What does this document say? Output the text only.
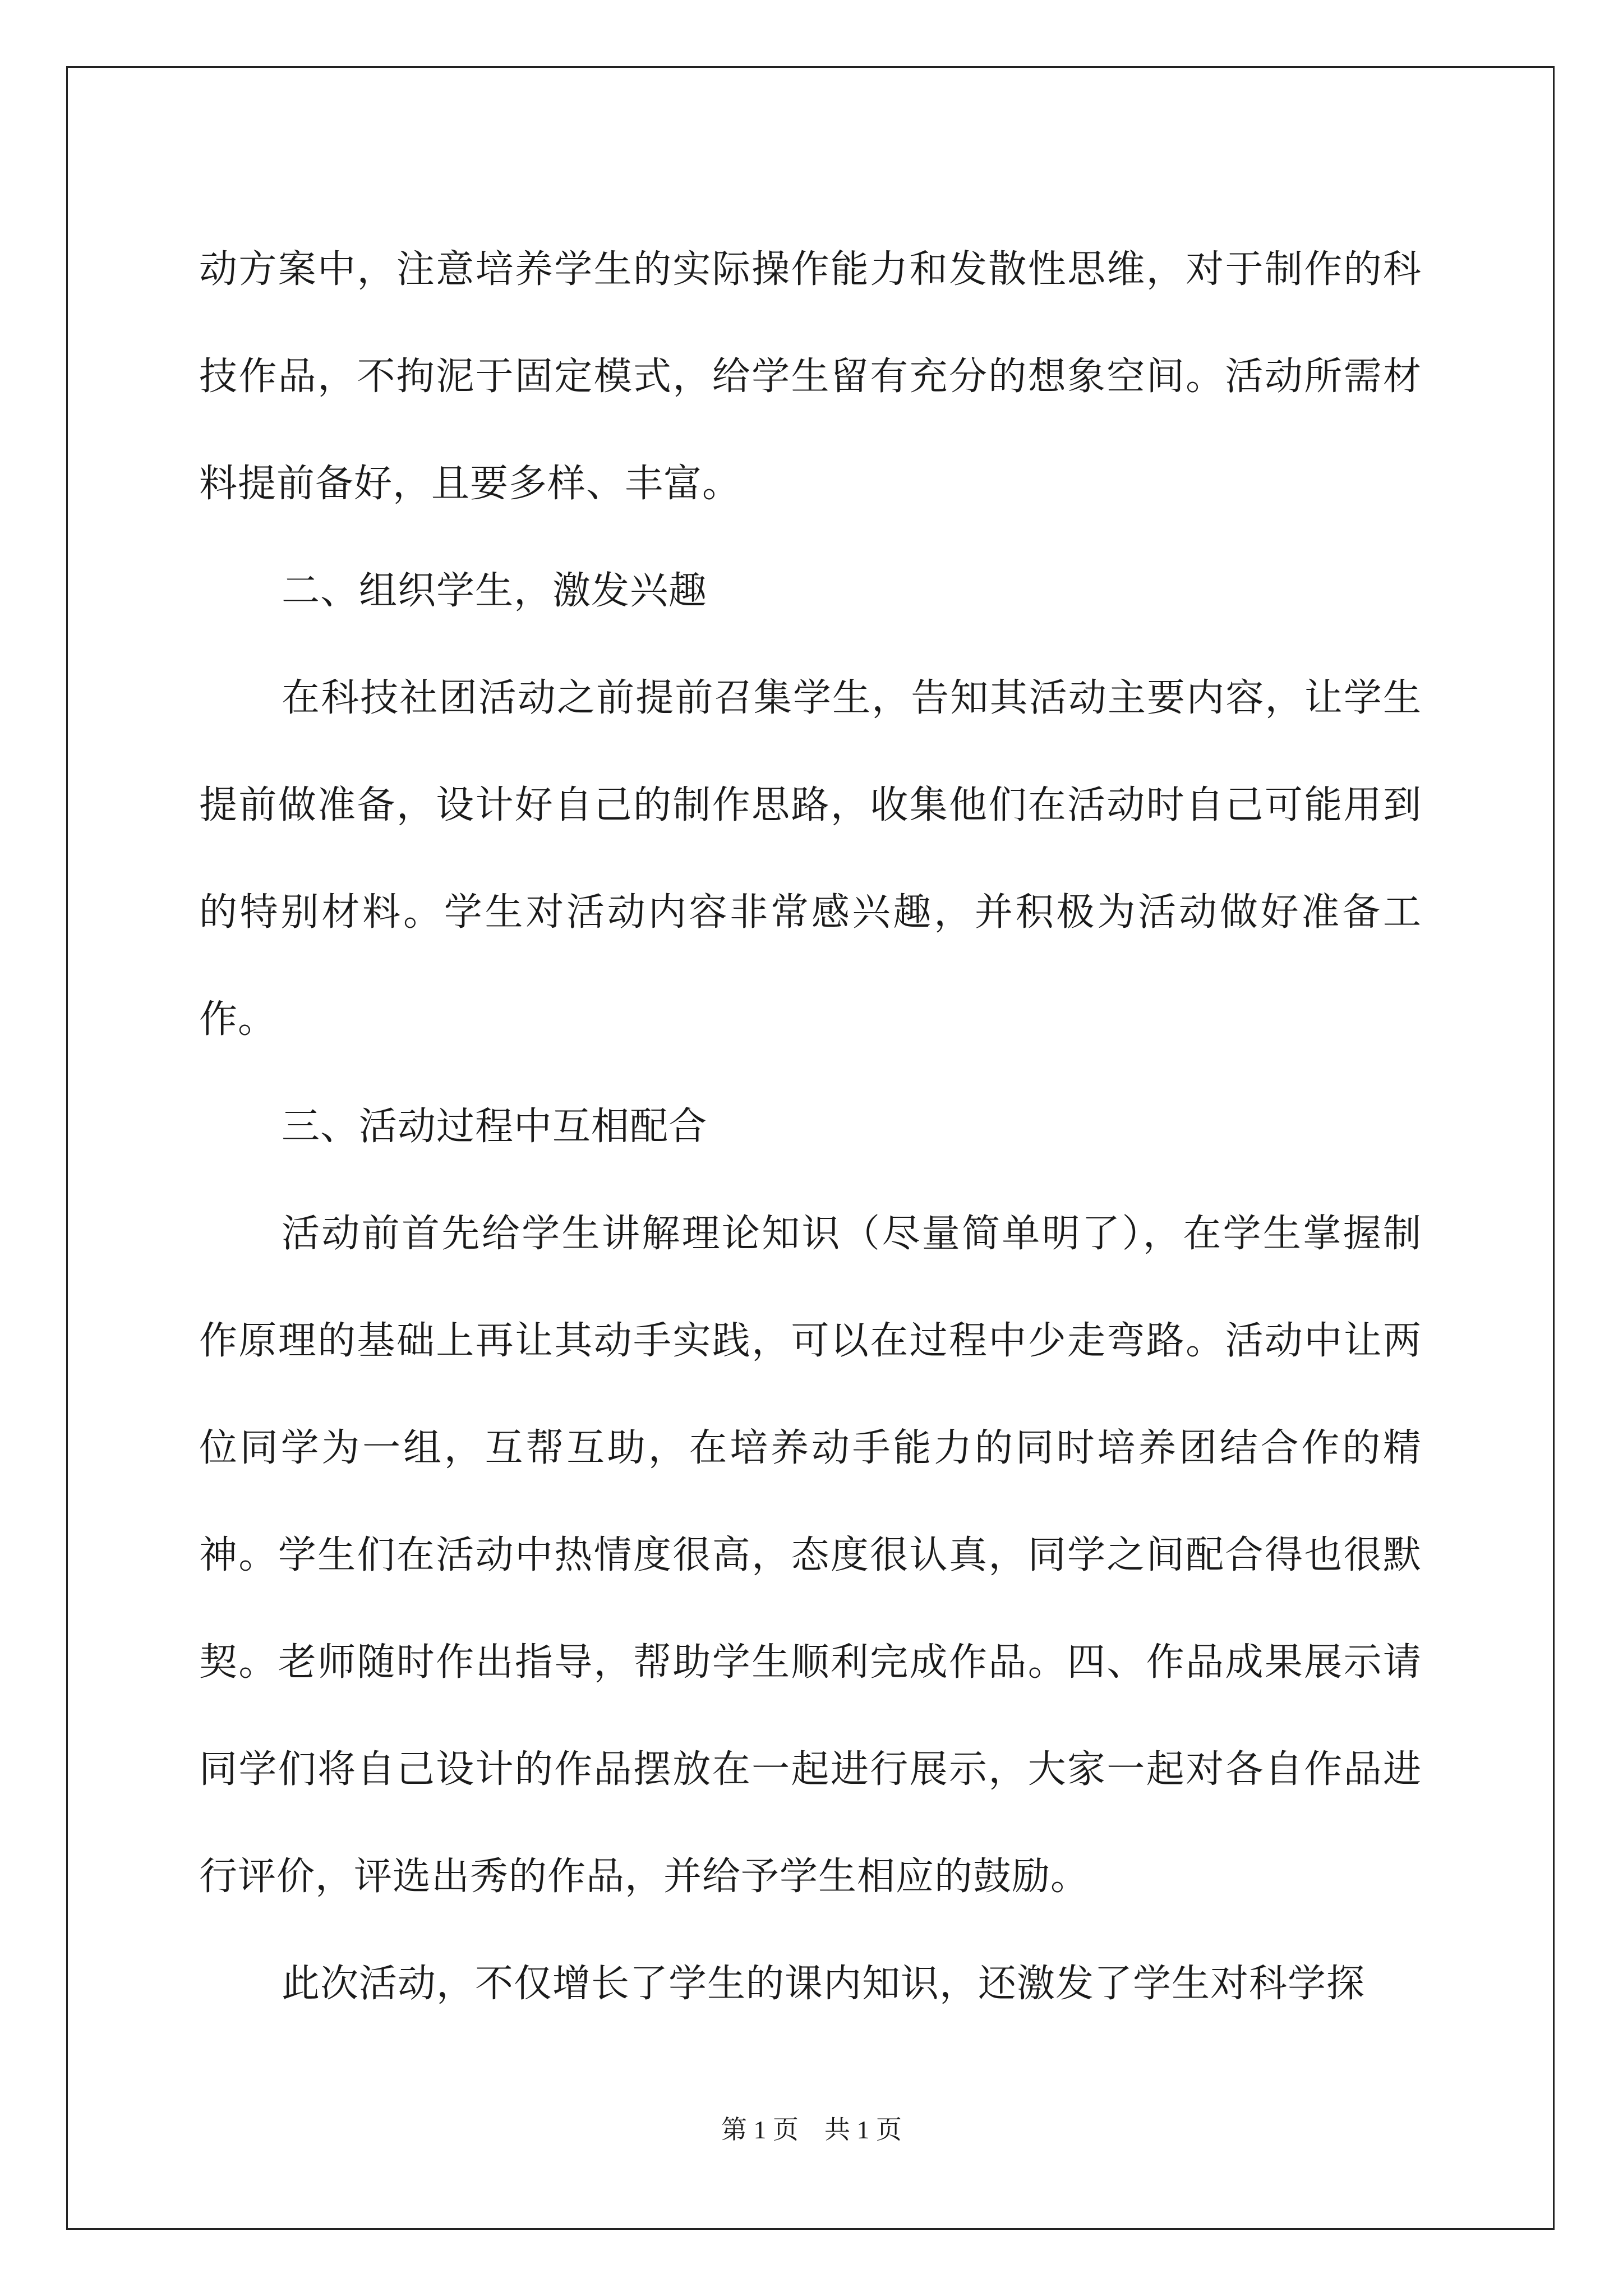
动方案中，注意培养学生的实际操作能力和发散性思维，对于制作的科技作品，不拘泥于固定模式，给学生留有充分的想象空间。活动所需材料提前备好，且要多样、丰富。

二、组织学生，激发兴趣

在科技社团活动之前提前召集学生，告知其活动主要内容，让学生提前做准备，设计好自己的制作思路，收集他们在活动时自己可能用到的特别材料。学生对活动内容非常感兴趣，并积极为活动做好准备工作。

三、活动过程中互相配合

活动前首先给学生讲解理论知识（尽量简单明了），在学生掌握制作原理的基础上再让其动手实践，可以在过程中少走弯路。活动中让两位同学为一组，互帮互助，在培养动手能力的同时培养团结合作的精神。学生们在活动中热情度很高，态度很认真，同学之间配合得也很默契。老师随时作出指导，帮助学生顺利完成作品。四、作品成果展示请同学们将自己设计的作品摆放在一起进行展示，大家一起对各自作品进行评价，评选出秀的作品，并给予学生相应的鼓励。

此次活动，不仅增长了学生的课内知识，还激发了学生对科学探

第 1 页　共 1 页
